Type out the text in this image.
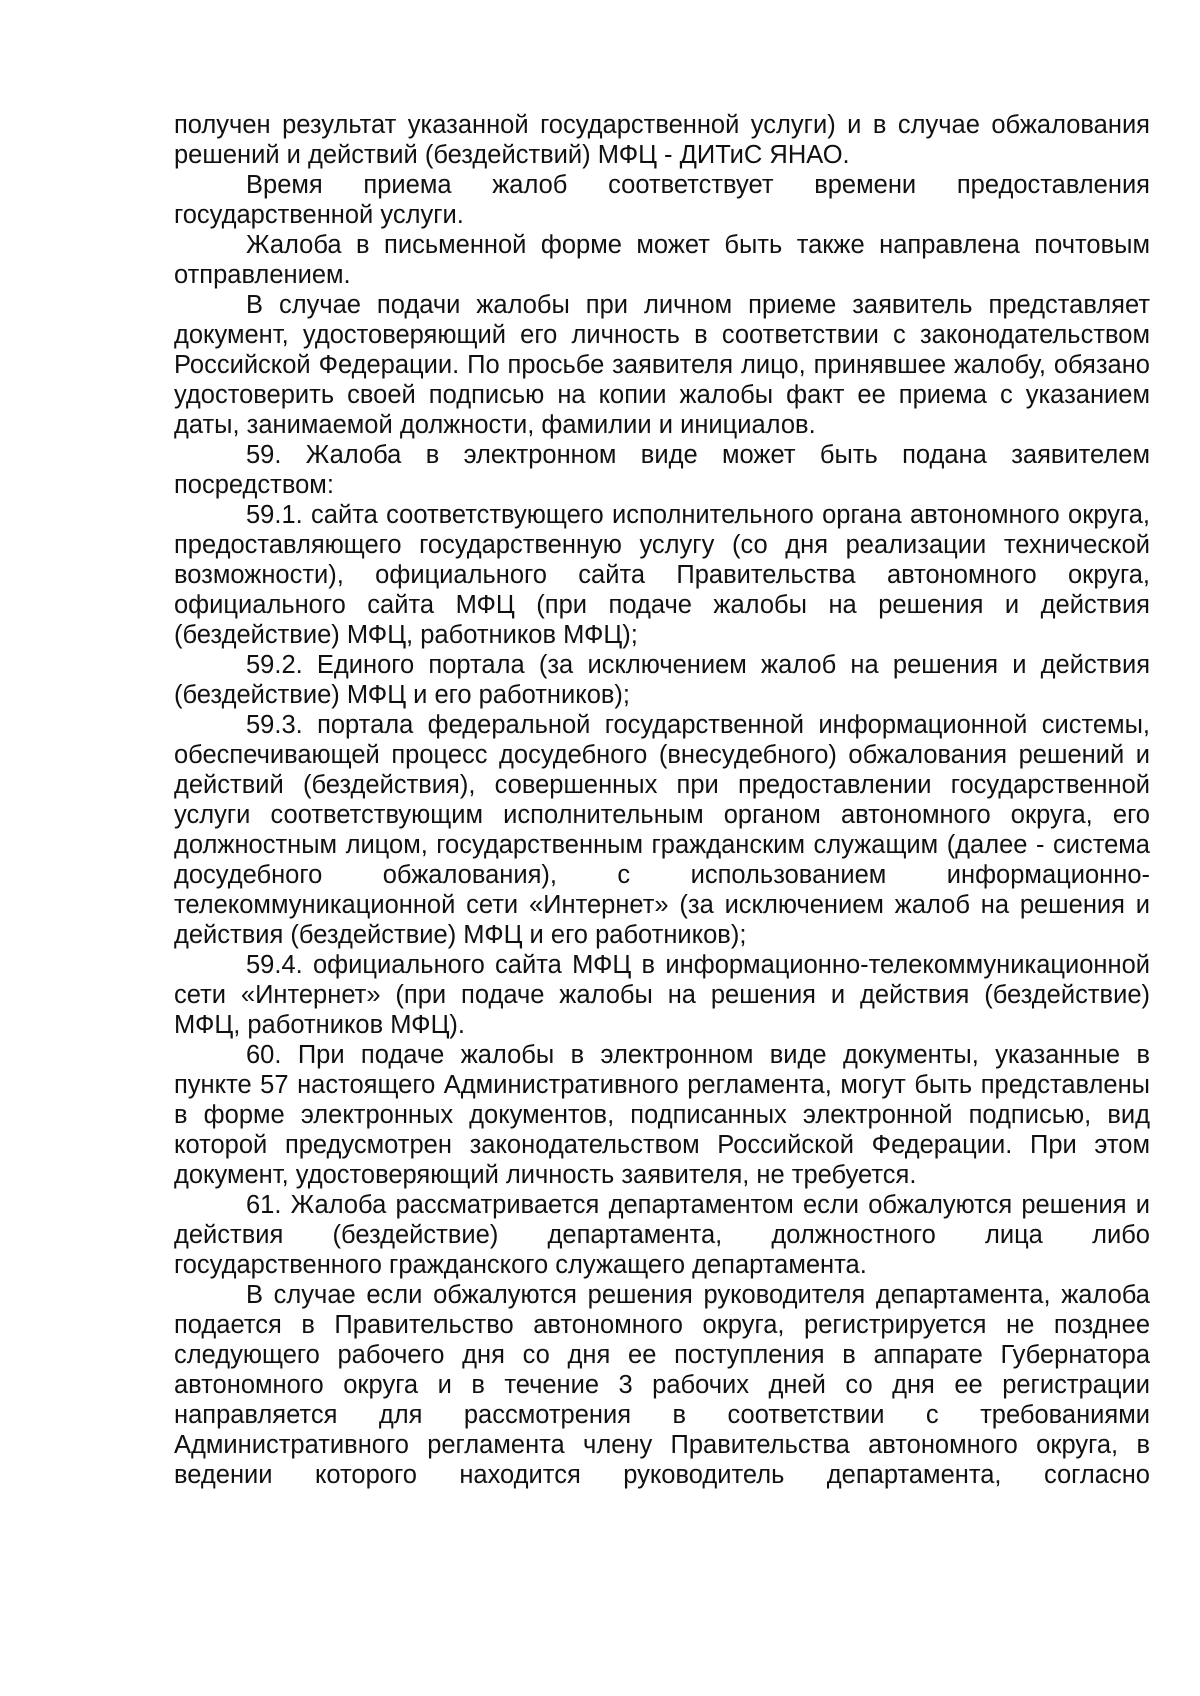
получен результат указанной государственной услуги) и в случае обжалования решений и действий (бездействий) МФЦ - ДИТиС ЯНАО.

Время приема жалоб соответствует времени предоставления государственной услуги.

Жалоба в письменной форме может быть также направлена почтовым отправлением.

В случае подачи жалобы при личном приеме заявитель представляет документ, удостоверяющий его личность в соответствии с законодательством Российской Федерации. По просьбе заявителя лицо, принявшее жалобу, обязано удостоверить своей подписью на копии жалобы факт ее приема с указанием даты, занимаемой должности, фамилии и инициалов.

59. Жалоба в электронном виде может быть подана заявителем посредством:

59.1. сайта соответствующего исполнительного органа автономного округа, предоставляющего государственную услугу (со дня реализации технической возможности), официального сайта Правительства автономного округа, официального сайта МФЦ (при подаче жалобы на решения и действия (бездействие) МФЦ, работников МФЦ);

59.2. Единого портала (за исключением жалоб на решения и действия (бездействие) МФЦ и его работников);

59.3. портала федеральной государственной информационной системы, обеспечивающей процесс досудебного (внесудебного) обжалования решений и действий (бездействия), совершенных при предоставлении государственной услуги соответствующим исполнительным органом автономного округа, его должностным лицом, государственным гражданским служащим (далее - система досудебного обжалования), с использованием информационно-телекоммуникационной сети «Интернет» (за исключением жалоб на решения и действия (бездействие) МФЦ и его работников);

59.4. официального сайта МФЦ в информационно-телекоммуникационной сети «Интернет» (при подаче жалобы на решения и действия (бездействие) МФЦ, работников МФЦ).

60. При подаче жалобы в электронном виде документы, указанные в пункте 57 настоящего Административного регламента, могут быть представлены в форме электронных документов, подписанных электронной подписью, вид которой предусмотрен законодательством Российской Федерации. При этом документ, удостоверяющий личность заявителя, не требуется.

61. Жалоба рассматривается департаментом если обжалуются решения и действия (бездействие) департамента, должностного лица либо государственного гражданского служащего департамента.

В случае если обжалуются решения руководителя департамента, жалоба подается в Правительство автономного округа, регистрируется не позднее следующего рабочего дня со дня ее поступления в аппарате Губернатора автономного округа и в течение 3 рабочих дней со дня ее регистрации направляется для рассмотрения в соответствии с требованиями Административного регламента члену Правительства автономного округа, в ведении которого находится руководитель департамента, согласно
